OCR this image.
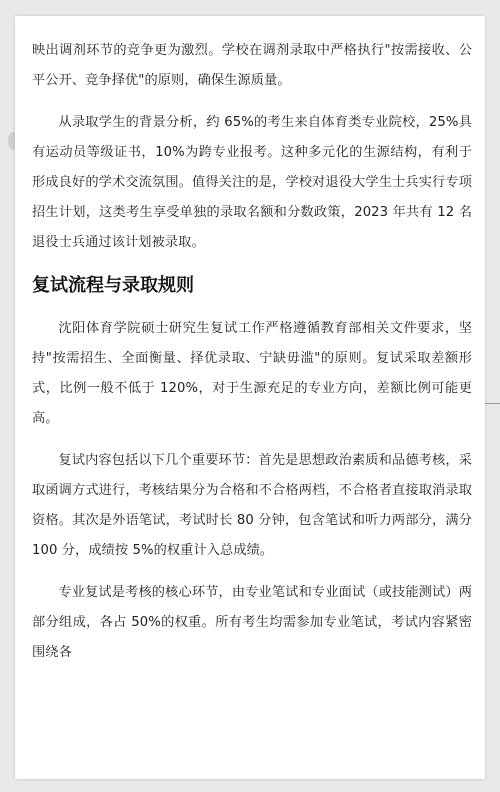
映出调剂环节的竞争更为激烈。学校在调剂录取中严格执行"按需接收、公平公开、竞争择优"的原则，确保生源质量。

从录取学生的背景分析，约 65%的考生来自体育类专业院校，25%具有运动员等级证书，10%为跨专业报考。这种多元化的生源结构，有利于形成良好的学术交流氛围。值得关注的是，学校对退役大学生士兵实行专项招生计划，这类考生享受单独的录取名额和分数政策，2023 年共有 12 名退役士兵通过该计划被录取。

复试流程与录取规则

沈阳体育学院硕士研究生复试工作严格遵循教育部相关文件要求，坚持"按需招生、全面衡量、择优录取、宁缺毋滥"的原则。复试采取差额形式，比例一般不低于 120%，对于生源充足的专业方向，差额比例可能更高。

复试内容包括以下几个重要环节：首先是思想政治素质和品德考核，采取函调方式进行，考核结果分为合格和不合格两档，不合格者直接取消录取资格。其次是外语笔试，考试时长 80 分钟，包含笔试和听力两部分，满分 100 分，成绩按 5%的权重计入总成绩。

专业复试是考核的核心环节，由专业笔试和专业面试（或技能测试）两部分组成，各占 50%的权重。所有考生均需参加专业笔试，考试内容紧密围绕各
